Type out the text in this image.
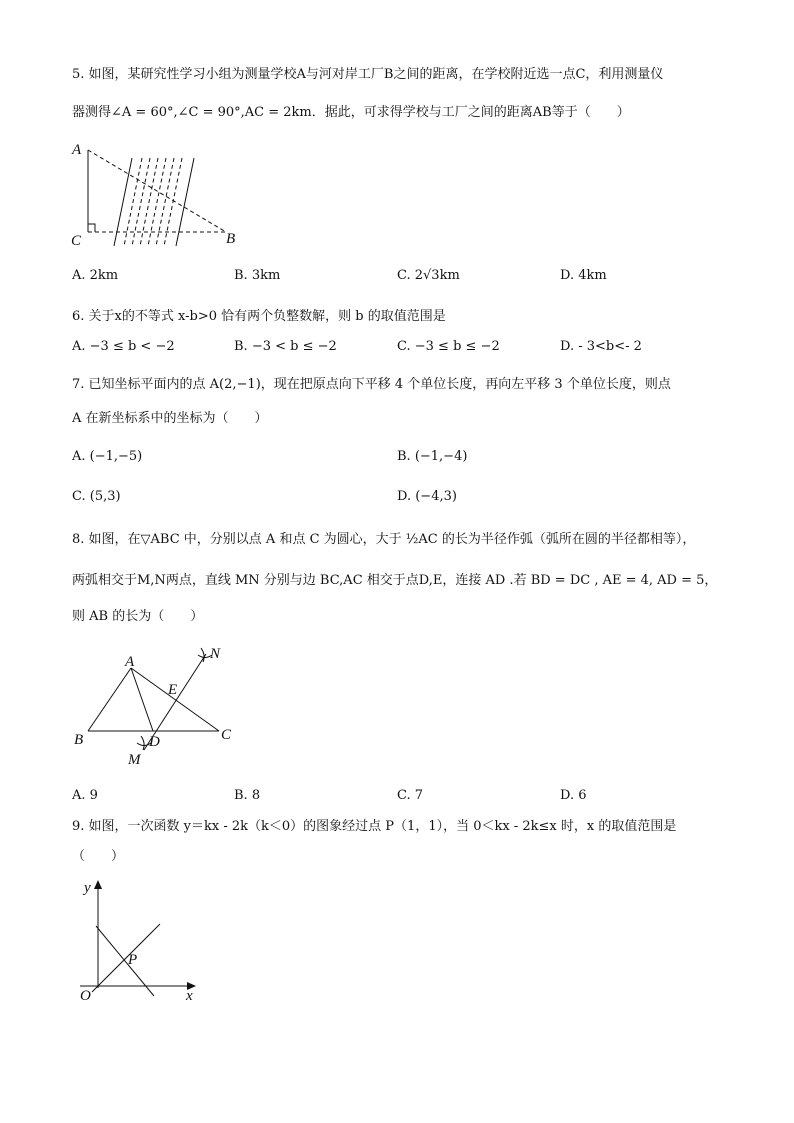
5. 如图，某研究性学习小组为测量学校A与河对岸工厂B之间的距离，在学校附近选一点C，利用测量仪
器测得∠A = 60°,∠C = 90°,AC = 2km．据此，可求得学校与工厂之间的距离AB等于（　　）
A
C	B
A. 2km	B. 3km	C. 2√3km	D. 4km
6. 关于x的不等式 x-b>0 恰有两个负整数解，则 b 的取值范围是
A. −3 ≤ b < −2	B. −3 < b ≤ −2	C. −3 ≤ b ≤ −2	D. - 3<b<- 2
7. 已知坐标平面内的点 A(2,−1)，现在把原点向下平移 4 个单位长度，再向左平移 3 个单位长度，则点
A 在新坐标系中的坐标为（　　）
A. (−1,−5)	B. (−1,−4)
C. (5,3)	D. (−4,3)
8. 如图，在▽ABC 中，分别以点 A 和点 C 为圆心，大于 ½AC 的长为半径作弧（弧所在圆的半径都相等），
两弧相交于M,N两点，直线 MN 分别与边 BC,AC 相交于点D,E，连接 AD .若 BD = DC , AE = 4, AD = 5，
则 AB 的长为（　　）
A
B	C
D
E
M
N
A. 9	B. 8	C. 7	D. 6
9. 如图，一次函数 y＝kx - 2k（k＜0）的图象经过点 P（1，1），当 0＜kx - 2k≤x 时，x 的取值范围是
（　　）
y
x
O
P
